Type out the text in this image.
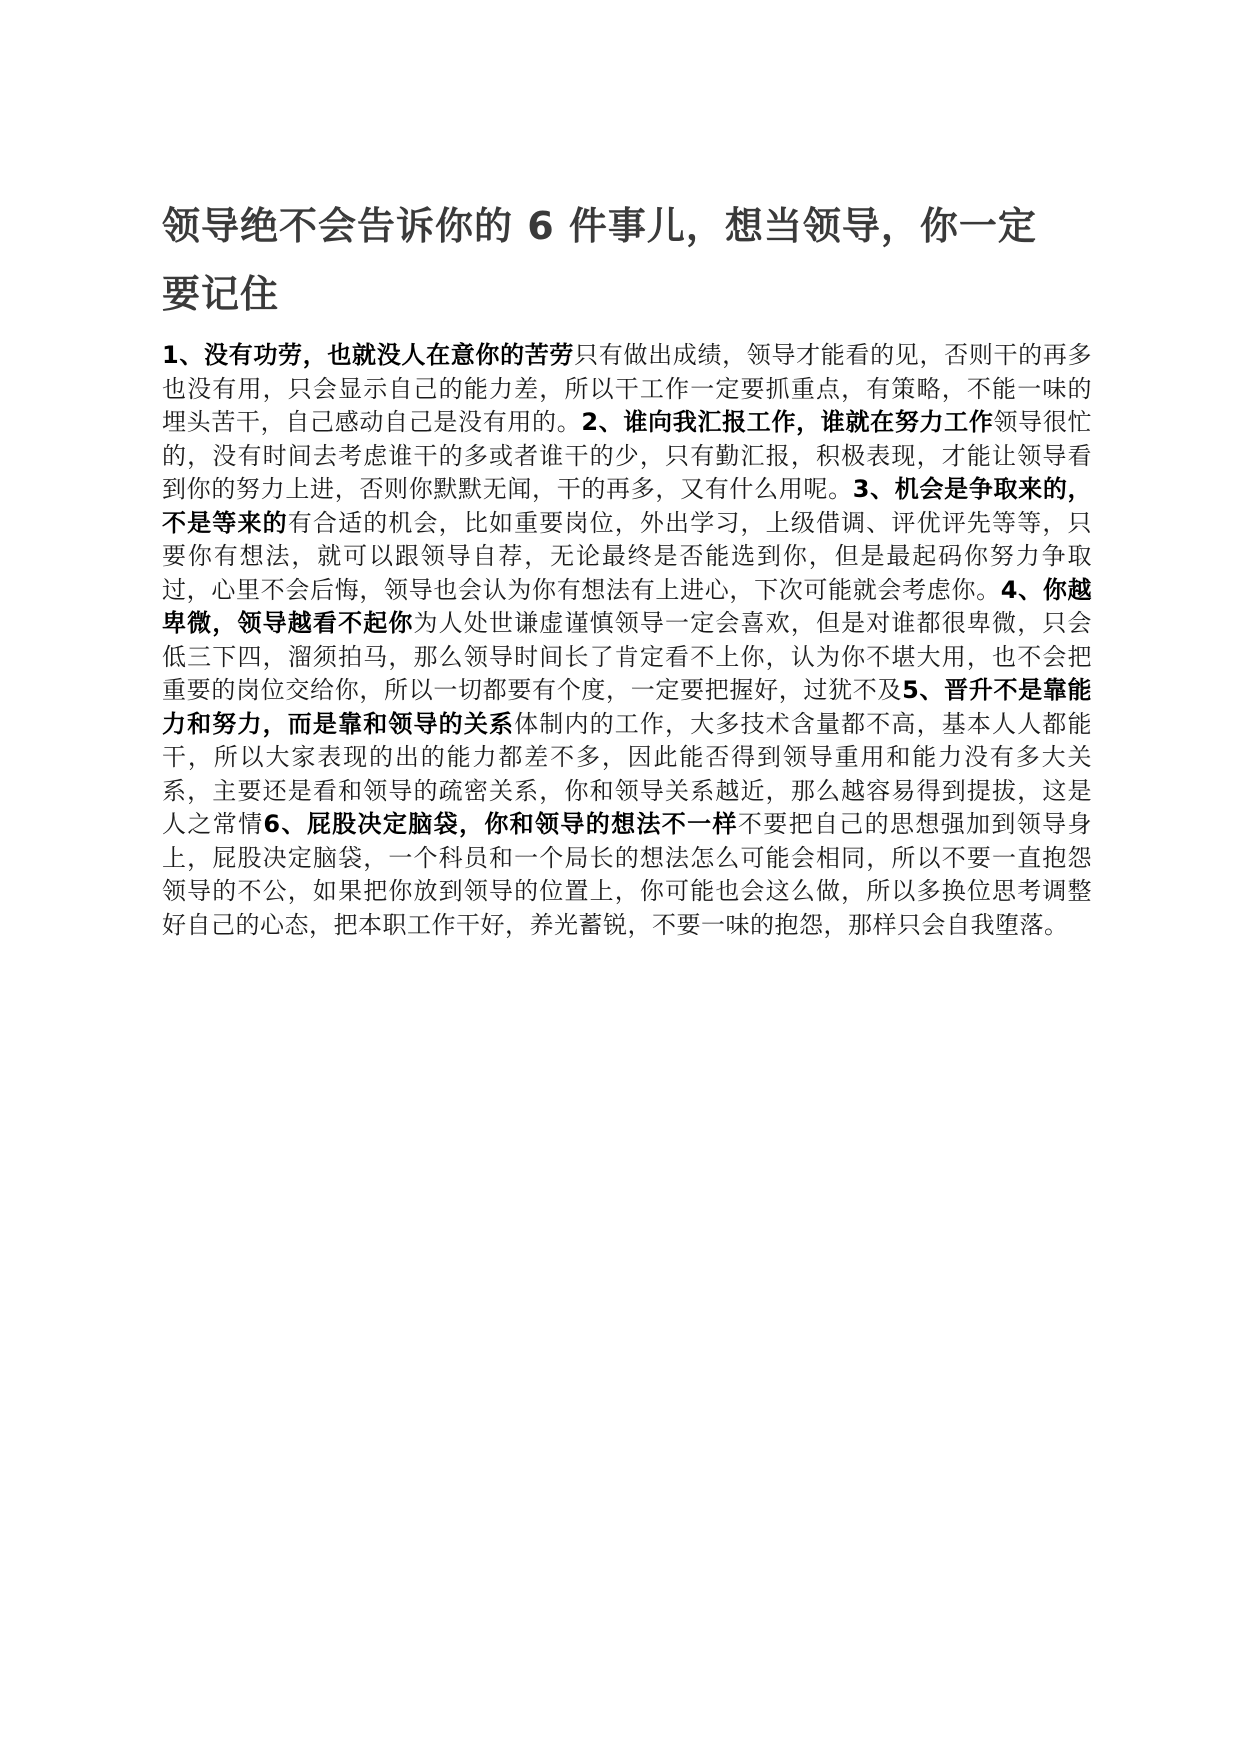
领导绝不会告诉你的 6 件事儿，想当领导，你一定要记住

1、没有功劳，也就没人在意你的苦劳只有做出成绩，领导才能看的见，否则干的再多也没有用，只会显示自己的能力差，所以干工作一定要抓重点，有策略，不能一味的埋头苦干，自己感动自己是没有用的。2、谁向我汇报工作，谁就在努力工作领导很忙的，没有时间去考虑谁干的多或者谁干的少，只有勤汇报，积极表现，才能让领导看到你的努力上进，否则你默默无闻，干的再多，又有什么用呢。3、机会是争取来的，不是等来的有合适的机会，比如重要岗位，外出学习，上级借调、评优评先等等，只要你有想法，就可以跟领导自荐，无论最终是否能选到你，但是最起码你努力争取过，心里不会后悔，领导也会认为你有想法有上进心，下次可能就会考虑你。4、你越卑微，领导越看不起你为人处世谦虚谨慎领导一定会喜欢，但是对谁都很卑微，只会低三下四，溜须拍马，那么领导时间长了肯定看不上你，认为你不堪大用，也不会把重要的岗位交给你，所以一切都要有个度，一定要把握好，过犹不及5、晋升不是靠能力和努力，而是靠和领导的关系体制内的工作，大多技术含量都不高，基本人人都能干，所以大家表现的出的能力都差不多，因此能否得到领导重用和能力没有多大关系，主要还是看和领导的疏密关系，你和领导关系越近，那么越容易得到提拔，这是人之常情6、屁股决定脑袋，你和领导的想法不一样不要把自己的思想强加到领导身上，屁股决定脑袋，一个科员和一个局长的想法怎么可能会相同，所以不要一直抱怨领导的不公，如果把你放到领导的位置上，你可能也会这么做，所以多换位思考调整好自己的心态，把本职工作干好，养光蓄锐，不要一味的抱怨，那样只会自我堕落。
